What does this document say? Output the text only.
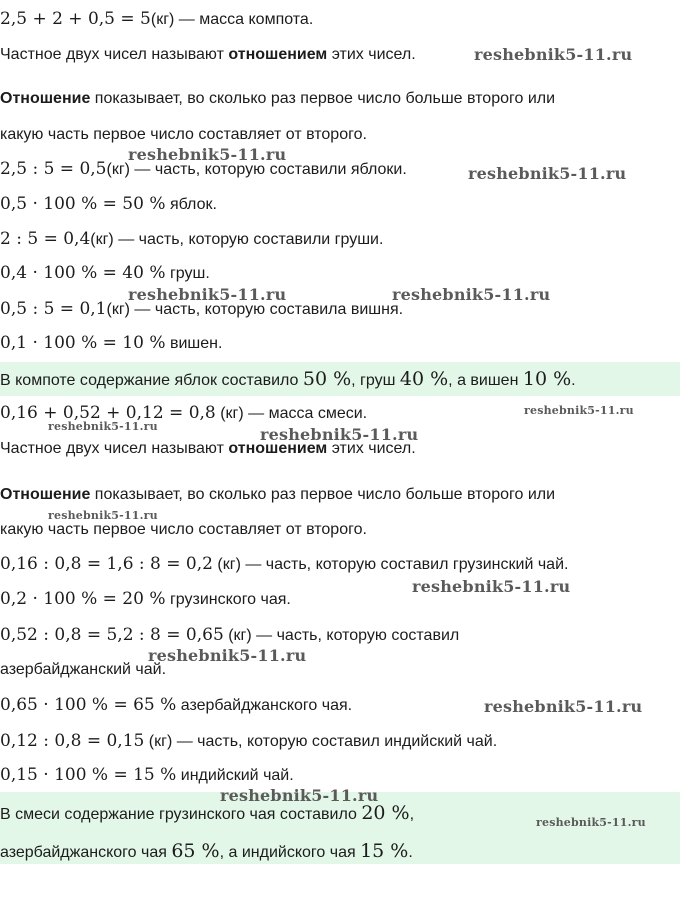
2,5 + 2 + 0,5 = 5(кг) — масса компота.
Частное двух чисел называют отношением этих чисел.
Отношение показывает, во сколько раз первое число больше второго или
какую часть первое число составляет от второго.
2,5 : 5 = 0,5(кг) — часть, которую составили яблоки.
0,5 · 100 % = 50 % яблок.
2 : 5 = 0,4(кг) — часть, которую составили груши.
0,4 · 100 % = 40 % груш.
0,5 : 5 = 0,1(кг) — часть, которую составила вишня.
0,1 · 100 % = 10 % вишен.
В компоте содержание яблок составило 50 %, груш 40 %, а вишен 10 %.
0,16 + 0,52 + 0,12 = 0,8 (кг) — масса смеси.
Частное двух чисел называют отношением этих чисел.
Отношение показывает, во сколько раз первое число больше второго или
какую часть первое число составляет от второго.
0,16 : 0,8 = 1,6 : 8 = 0,2 (кг) — часть, которую составил грузинский чай.
0,2 · 100 % = 20 % грузинского чая.
0,52 : 0,8 = 5,2 : 8 = 0,65 (кг) — часть, которую составил
азербайджанский чай.
0,65 · 100 % = 65 % азербайджанского чая.
0,12 : 0,8 = 0,15 (кг) — часть, которую составил индийский чай.
0,15 · 100 % = 15 % индийский чай.
В смеси содержание грузинского чая составило 20 %,
азербайджанского чая 65 %, а индийского чая 15 %.
reshebnik5-11.ru
reshebnik5-11.ru
reshebnik5-11.ru
reshebnik5-11.ru	reshebnik5-11.ru
reshebnik5-11.ru
reshebnik5-11.ru	reshebnik5-11.ru
reshebnik5-11.ru
reshebnik5-11.ru
reshebnik5-11.ru
reshebnik5-11.ru
reshebnik5-11.ru
reshebnik5-11.ru
